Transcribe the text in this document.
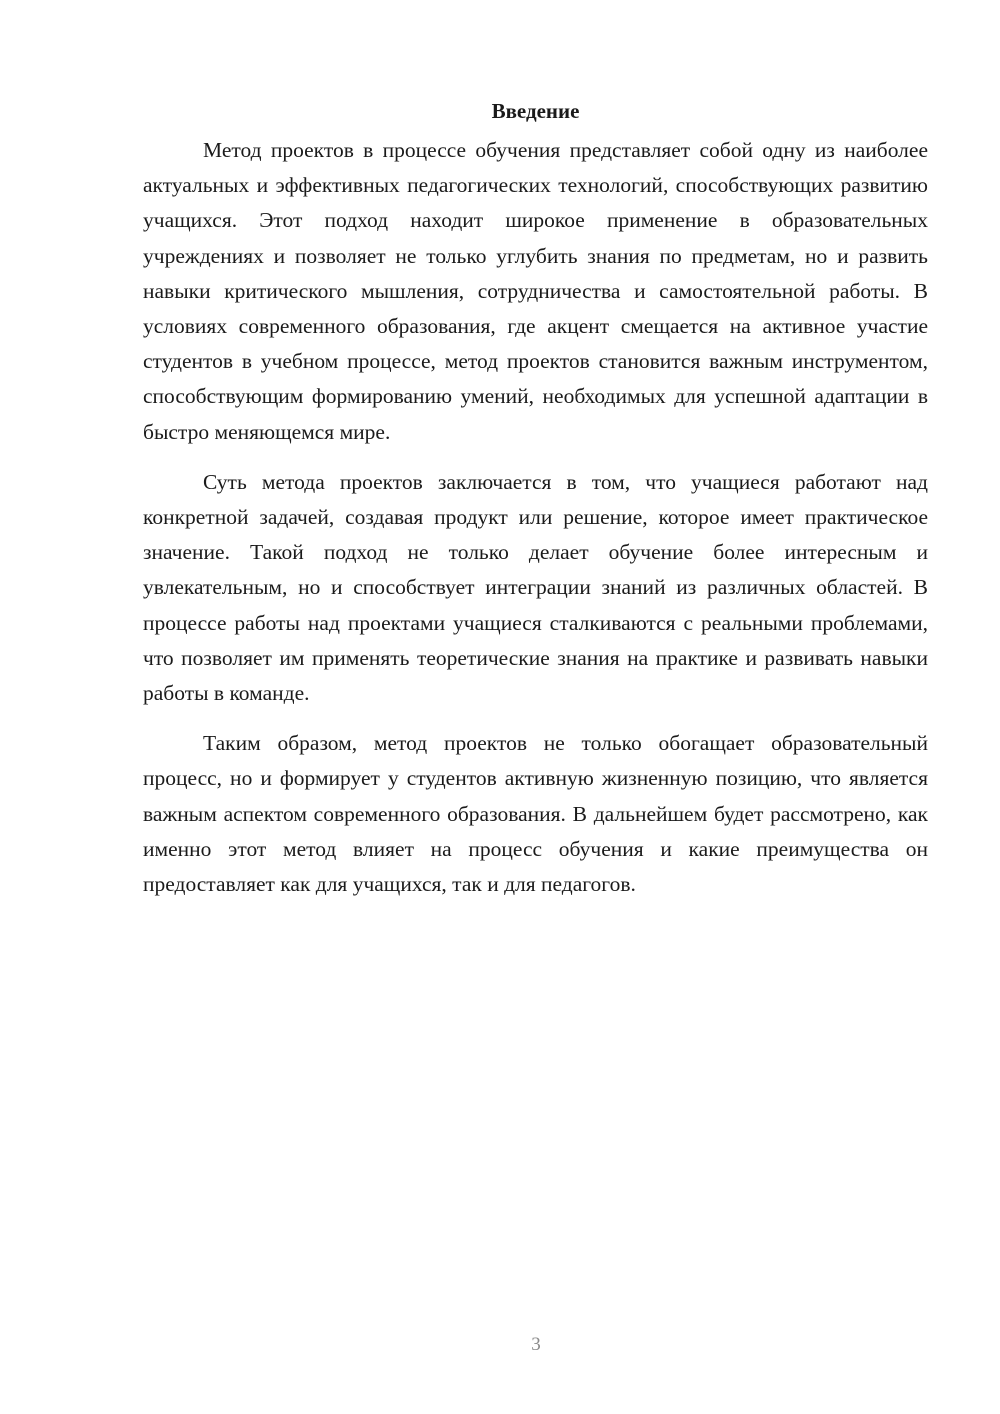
Введение

Метод проектов в процессе обучения представляет собой одну из наиболее актуальных и эффективных педагогических технологий, способствующих развитию учащихся. Этот подход находит широкое применение в образовательных учреждениях и позволяет не только углубить знания по предметам, но и развить навыки критического мышления, сотрудничества и самостоятельной работы. В условиях современного образования, где акцент смещается на активное участие студентов в учебном процессе, метод проектов становится важным инструментом, способствующим формированию умений, необходимых для успешной адаптации в быстро меняющемся мире.

Суть метода проектов заключается в том, что учащиеся работают над конкретной задачей, создавая продукт или решение, которое имеет практическое значение. Такой подход не только делает обучение более интересным и увлекательным, но и способствует интеграции знаний из различных областей. В процессе работы над проектами учащиеся сталкиваются с реальными проблемами, что позволяет им применять теоретические знания на практике и развивать навыки работы в команде.

Таким образом, метод проектов не только обогащает образовательный процесс, но и формирует у студентов активную жизненную позицию, что является важным аспектом современного образования. В дальнейшем будет рассмотрено, как именно этот метод влияет на процесс обучения и какие преимущества он предоставляет как для учащихся, так и для педагогов.

3
